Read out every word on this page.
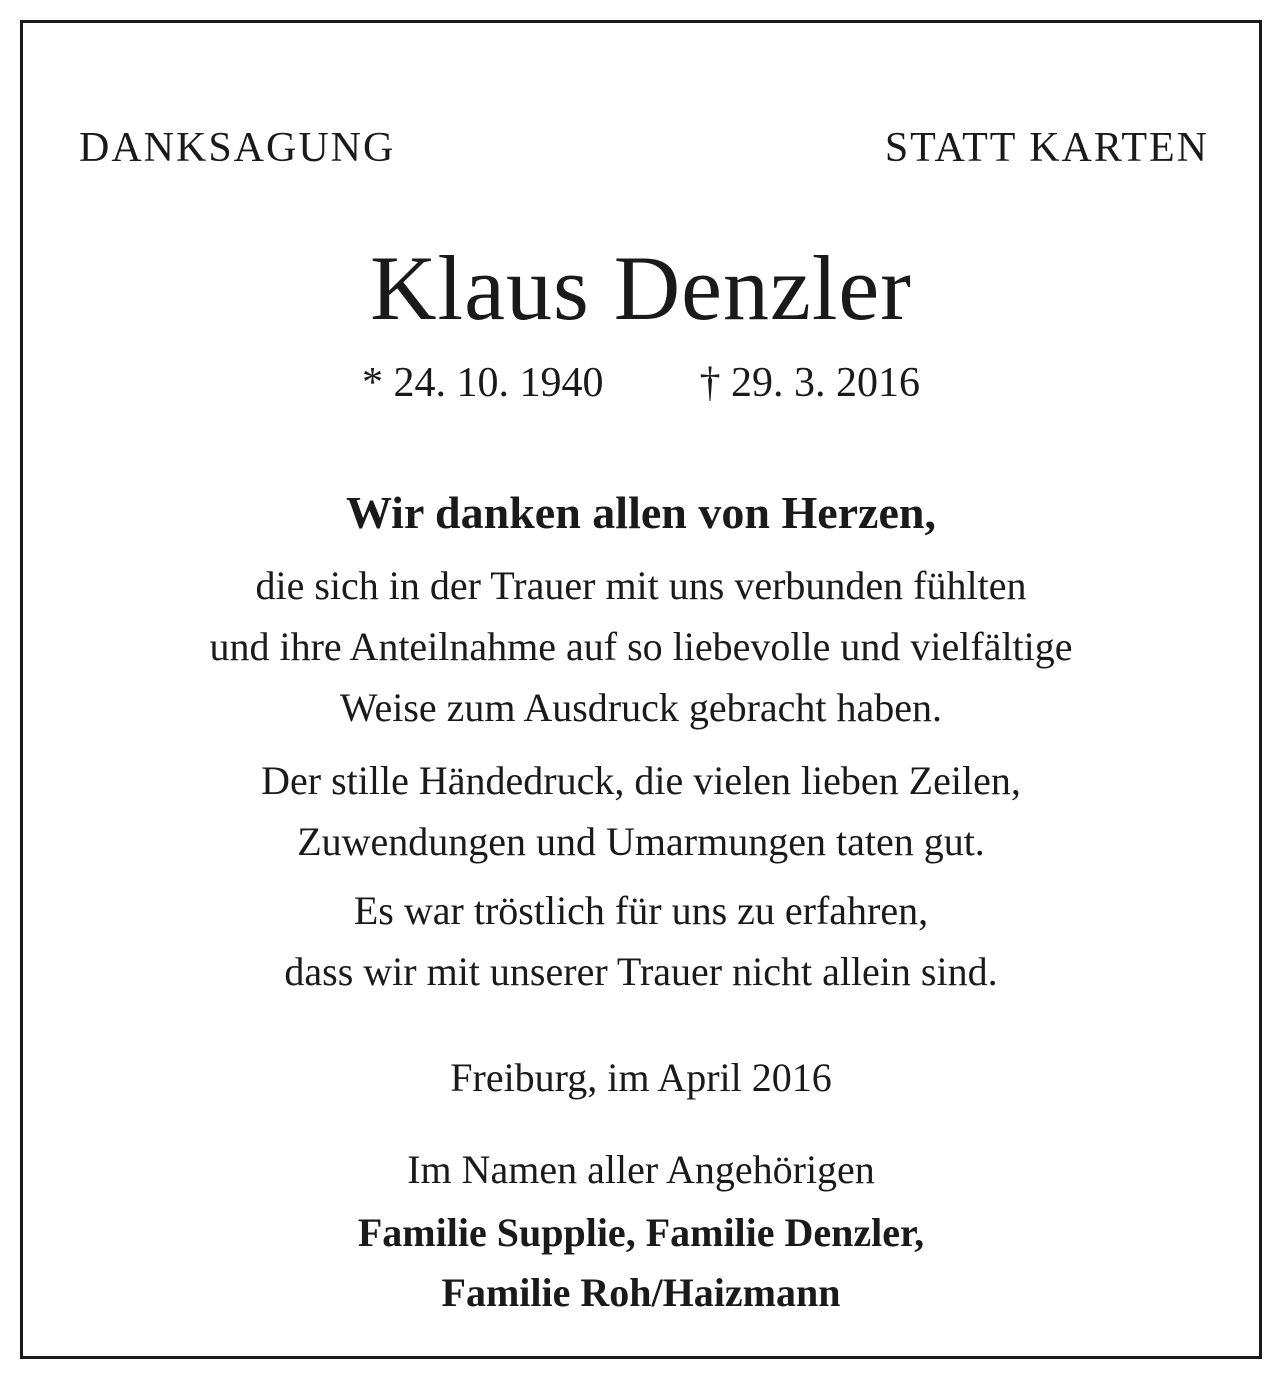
DANKSAGUNG	STATT KARTEN

Klaus Denzler

* 24. 10. 1940 † 29. 3. 2016

Wir danken allen von Herzen,

die sich in der Trauer mit uns verbunden fühlten

und ihre Anteilnahme auf so liebevolle und vielfältige

Weise zum Ausdruck gebracht haben.

Der stille Händedruck, die vielen lieben Zeilen,

Zuwendungen und Umarmungen taten gut.

Es war tröstlich für uns zu erfahren,

dass wir mit unserer Trauer nicht allein sind.

Freiburg, im April 2016

Im Namen aller Angehörigen

Familie Supplie, Familie Denzler,

Familie Roh/Haizmann
